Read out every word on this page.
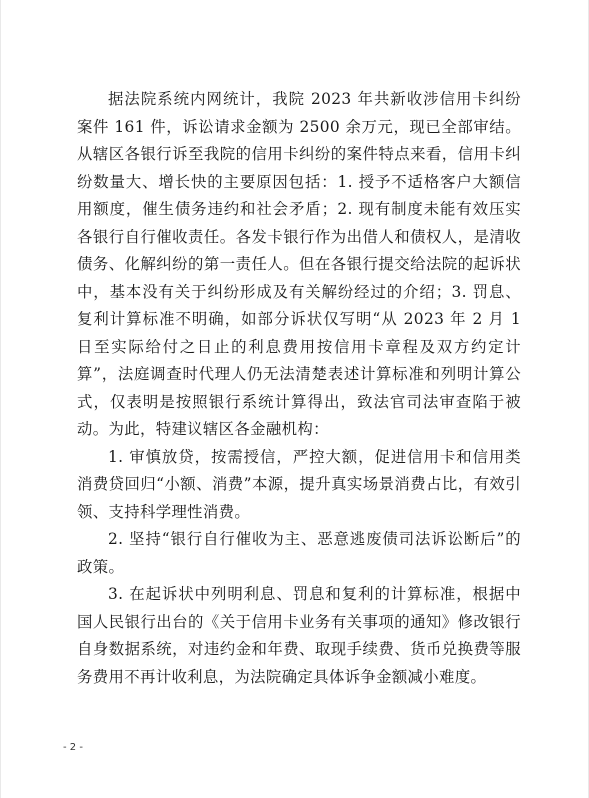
据法院系统内网统计，我院 2023 年共新收涉信用卡纠纷案件 161 件，诉讼请求金额为 2500 余万元，现已全部审结。从辖区各银行诉至我院的信用卡纠纷的案件特点来看，信用卡纠纷数量大、增长快的主要原因包括：1. 授予不适格客户大额信用额度，催生债务违约和社会矛盾；2. 现有制度未能有效压实各银行自行催收责任。各发卡银行作为出借人和债权人，是清收债务、化解纠纷的第一责任人。但在各银行提交给法院的起诉状中，基本没有关于纠纷形成及有关解纷经过的介绍；3. 罚息、复利计算标准不明确，如部分诉状仅写明“从 2023 年 2 月 1 日至实际给付之日止的利息费用按信用卡章程及双方约定计算”，法庭调查时代理人仍无法清楚表述计算标准和列明计算公式，仅表明是按照银行系统计算得出，致法官司法审查陷于被动。为此，特建议辖区各金融机构：

1. 审慎放贷，按需授信，严控大额，促进信用卡和信用类消费贷回归“小额、消费”本源，提升真实场景消费占比，有效引领、支持科学理性消费。

2. 坚持“银行自行催收为主、恶意逃废债司法诉讼断后”的政策。

3. 在起诉状中列明利息、罚息和复利的计算标准，根据中国人民银行出台的《关于信用卡业务有关事项的通知》修改银行自身数据系统，对违约金和年费、取现手续费、货币兑换费等服务费用不再计收利息，为法院确定具体诉争金额减小难度。

- 2 -
